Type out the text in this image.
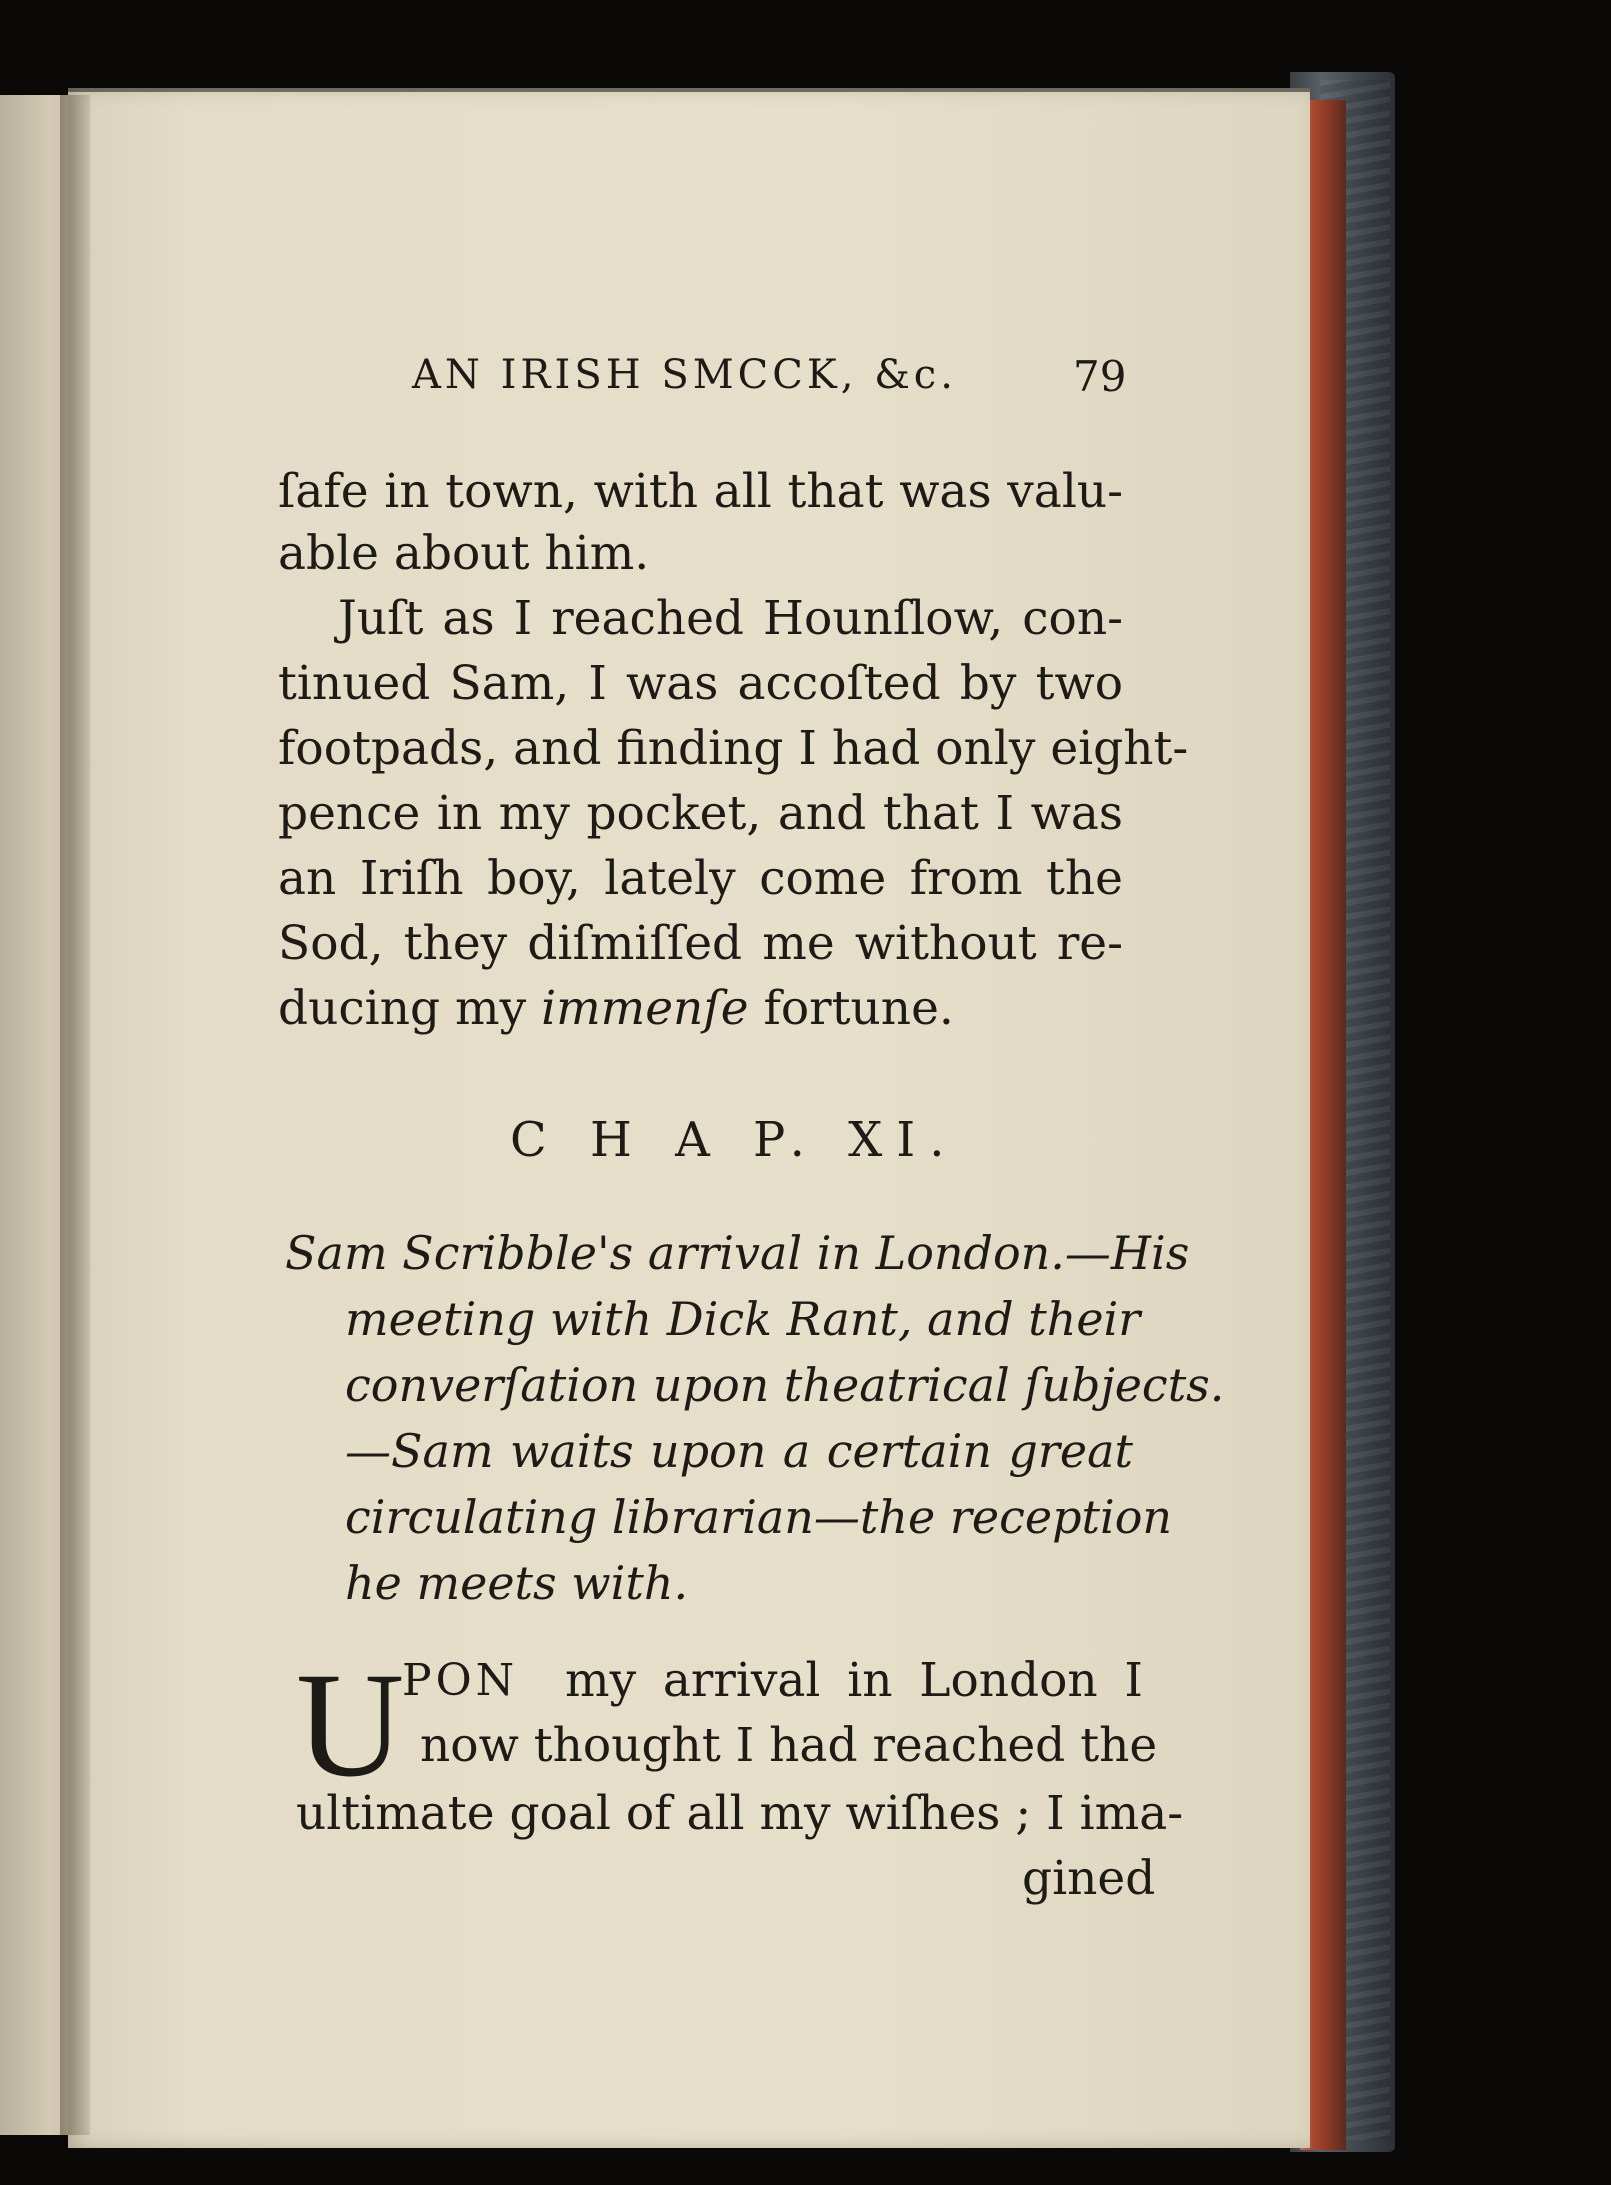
AN IRISH SMCCK, &c.	79

ſafe in town, with all that was valu-

able about him.

Juſt as I reached Hounſlow, con-

tinued Sam, I was accoſted by two

footpads, and finding I had only eight-

pence in my pocket, and that I was

an Iriſh boy, lately come from the

Sod, they diſmiſſed me without re-

ducing my immenſe fortune.

C H A P. XI.

Sam Scribble's arrival in London.—His

meeting with Dick Rant, and their

converſation upon theatrical ſubjects.

—Sam waits upon a certain great

circulating librarian—the reception

he meets with.

U

PON my arrival in London I

now thought I had reached the

ultimate goal of all my wiſhes ; I ima-

gined
